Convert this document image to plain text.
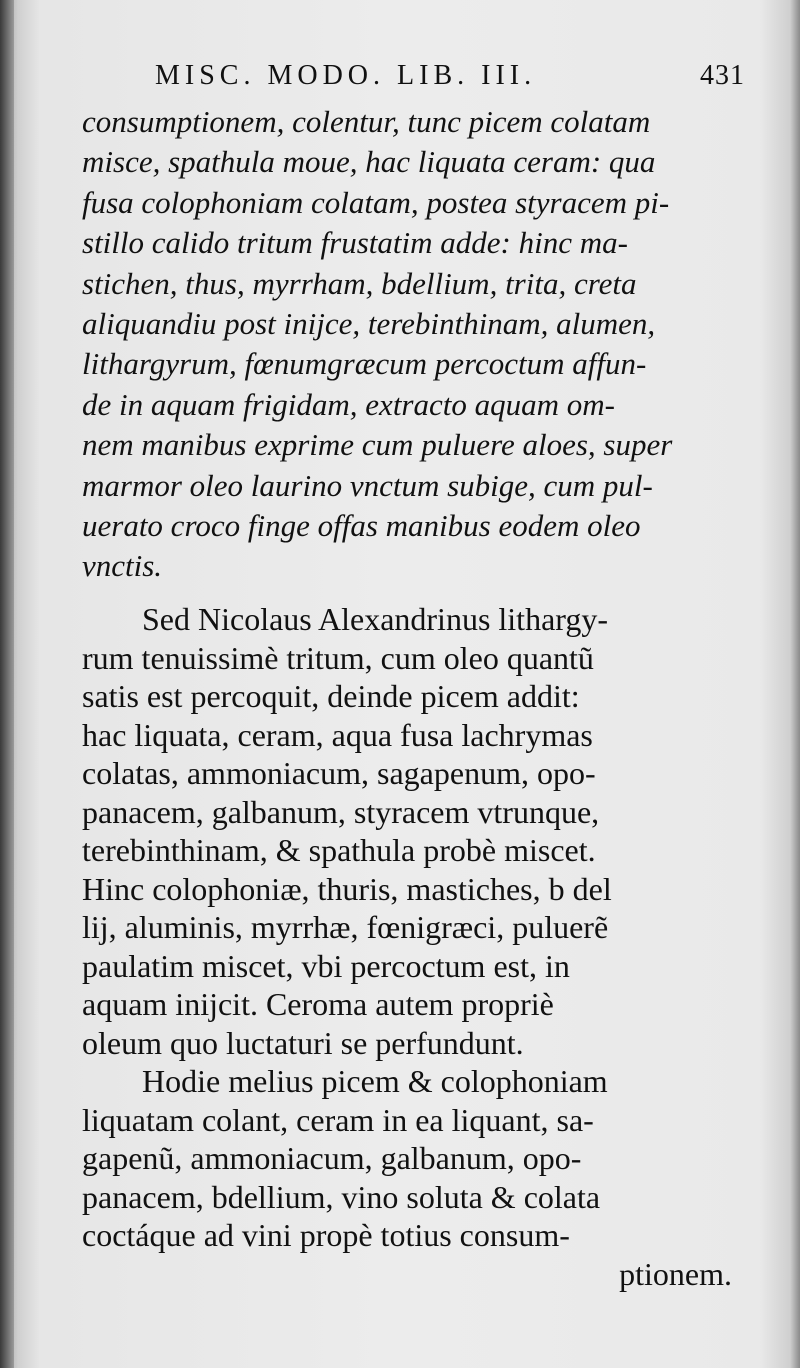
MISC. MODO. LIB. III.	431
consumptionem, colentur, tunc picem colatam
misce, spathula moue, hac liquata ceram: qua
fusa colophoniam colatam, postea styracem pi-
stillo calido tritum frustatim adde: hinc ma-
stichen, thus, myrrham, bdellium, trita, creta
aliquandiu post inijce, terebinthinam, alumen,
lithargyrum, fœnumgræcum percoctum affun-
de in aquam frigidam, extracto aquam om-
nem manibus exprime cum puluere aloes, super
marmor oleo laurino vnctum subige, cum pul-
uerato croco finge offas manibus eodem oleo
vnctis.
Sed Nicolaus Alexandrinus lithargy-
rum tenuissimè tritum, cum oleo quantũ
satis est percoquit, deinde picem addit:
hac liquata, ceram, aqua fusa lachrymas
colatas, ammoniacum, sagapenum, opo-
panacem, galbanum, styracem vtrunque,
terebinthinam, & spathula probè miscet.
Hinc colophoniæ, thuris, mastiches, b del
lij, aluminis, myrrhæ, fœnigræci, puluerẽ
paulatim miscet, vbi percoctum est, in
aquam inijcit. Ceroma autem propriè
oleum quo luctaturi se perfundunt.
Hodie melius picem & colophoniam
liquatam colant, ceram in ea liquant, sa-
gapenũ, ammoniacum, galbanum, opo-
panacem, bdellium, vino soluta & colata
coctáque ad vini propè totius consum-
ptionem.
